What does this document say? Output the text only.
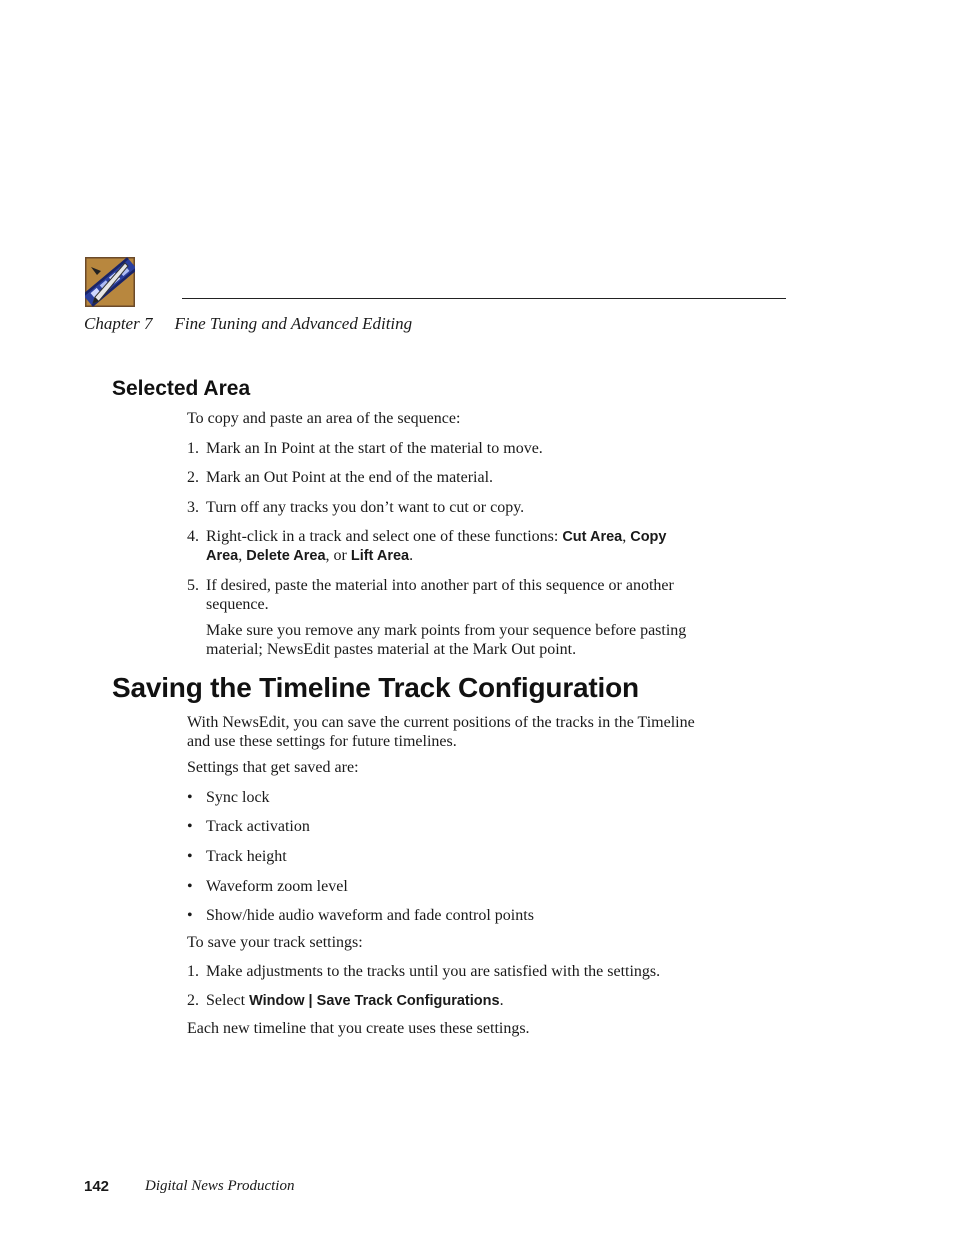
Chapter 7 Fine Tuning and Advanced Editing
Selected Area
To copy and paste an area of the sequence:
1. Mark an In Point at the start of the material to move.
2. Mark an Out Point at the end of the material.
3. Turn off any tracks you don’t want to cut or copy.
4. Right-click in a track and select one of these functions: Cut Area, Copy
Area, Delete Area, or Lift Area.
5. If desired, paste the material into another part of this sequence or another
sequence.
Make sure you remove any mark points from your sequence before pasting
material; NewsEdit pastes material at the Mark Out point.
Saving the Timeline Track Configuration
With NewsEdit, you can save the current positions of the tracks in the Timeline
and use these settings for future timelines.
Settings that get saved are:
• Sync lock
• Track activation
• Track height
• Waveform zoom level
• Show/hide audio waveform and fade control points
To save your track settings:
1. Make adjustments to the tracks until you are satisfied with the settings.
2. Select Window | Save Track Configurations.
Each new timeline that you create uses these settings.
142 Digital News Production
